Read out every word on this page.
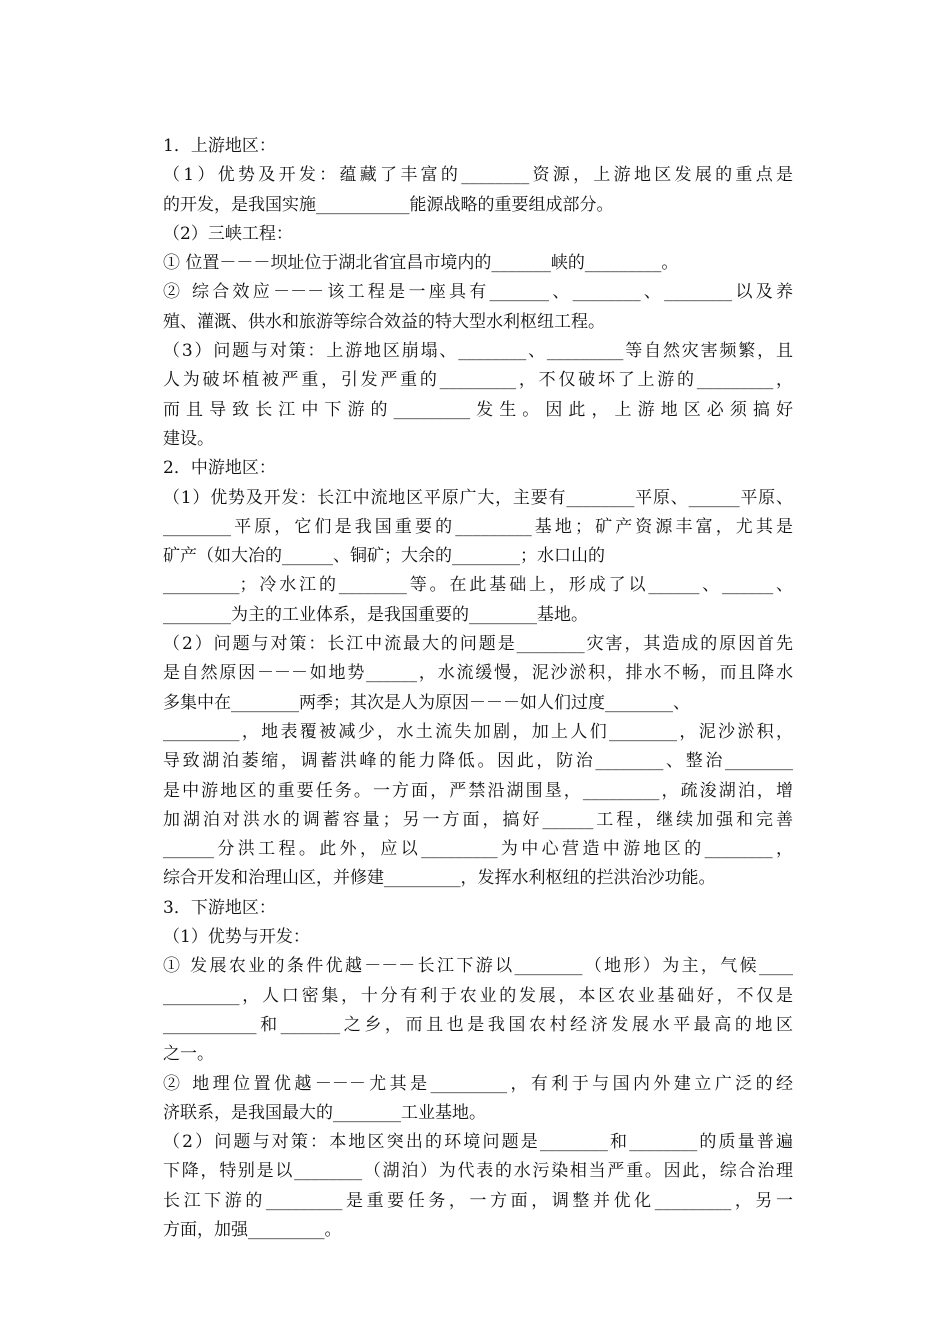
1．上游地区：
（1）优势及开发：蕴藏了丰富的________资源，上游地区发展的重点是
的开发，是我国实施___________能源战略的重要组成部分。
（2）三峡工程：
① 位置－－－坝址位于湖北省宜昌市境内的_______峡的_________。
② 综合效应－－－该工程是一座具有_______、________、________以及养
殖、灌溉、供水和旅游等综合效益的特大型水利枢纽工程。
（3）问题与对策：上游地区崩塌、________、_________等自然灾害频繁，且
人为破坏植被严重，引发严重的_________，不仅破坏了上游的_________，
而且导致长江中下游的_________发生。因此，上游地区必须搞好
建设。
2．中游地区：
（1）优势及开发：长江中流地区平原广大，主要有________平原、______平原、
________平原，它们是我国重要的_________基地；矿产资源丰富，尤其是
矿产（如大冶的______、铜矿；大余的________；水口山的
_________；冷水江的________等。在此基础上，形成了以______、______、
________为主的工业体系，是我国重要的________基地。
（2）问题与对策：长江中流最大的问题是________灾害，其造成的原因首先
是自然原因－－－如地势______，水流缓慢，泥沙淤积，排水不畅，而且降水
多集中在________两季；其次是人为原因－－－如人们过度________、
_________，地表覆被减少，水土流失加剧，加上人们________，泥沙淤积，
导致湖泊萎缩，调蓄洪峰的能力降低。因此，防治________、整治________
是中游地区的重要任务。一方面，严禁沿湖围垦，_________，疏浚湖泊，增
加湖泊对洪水的调蓄容量；另一方面，搞好______工程，继续加强和完善
______分洪工程。此外，应以_________为中心营造中游地区的________，
综合开发和治理山区，并修建_________，发挥水利枢纽的拦洪治沙功能。
3．下游地区：
（1）优势与开发：
① 发展农业的条件优越－－－长江下游以________（地形）为主，气候____
_________，人口密集，十分有利于农业的发展，本区农业基础好，不仅是
___________和_______之乡，而且也是我国农村经济发展水平最高的地区
之一。
② 地理位置优越－－－尤其是_________，有利于与国内外建立广泛的经
济联系，是我国最大的________工业基地。
（2）问题与对策：本地区突出的环境问题是________和________的质量普遍
下降，特别是以________（湖泊）为代表的水污染相当严重。因此，综合治理
长江下游的_________是重要任务，一方面，调整并优化_________，另一
方面，加强_________。
